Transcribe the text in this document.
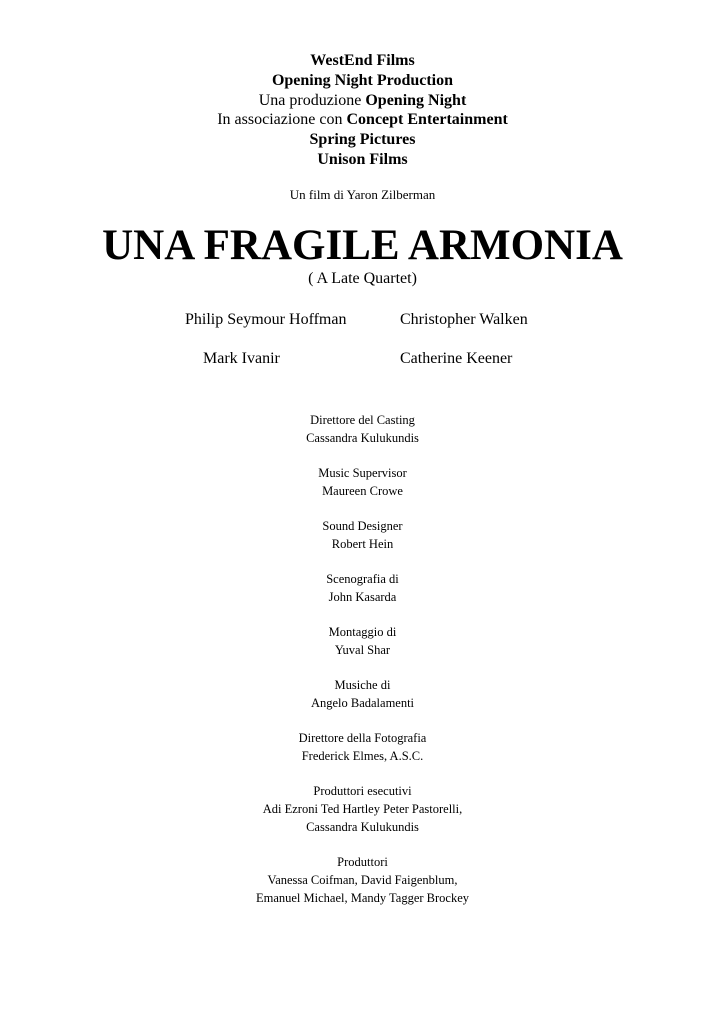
WestEnd Films
Opening Night Production
Una produzione Opening Night
In associazione con Concept Entertainment
Spring Pictures
Unison Films
Un film di Yaron Zilberman
UNA FRAGILE ARMONIA
( A Late Quartet)
Philip Seymour Hoffman	Christopher Walken
Mark Ivanir	Catherine Keener
Direttore del Casting
Cassandra Kulukundis
Music Supervisor
Maureen Crowe
Sound Designer
Robert Hein
Scenografia di
John Kasarda
Montaggio di
Yuval Shar
Musiche di
Angelo Badalamenti
Direttore della Fotografia
Frederick Elmes, A.S.C.
Produttori esecutivi
Adi Ezroni Ted Hartley Peter Pastorelli,
Cassandra Kulukundis
Produttori
Vanessa Coifman, David Faigenblum,
Emanuel Michael, Mandy Tagger Brockey
